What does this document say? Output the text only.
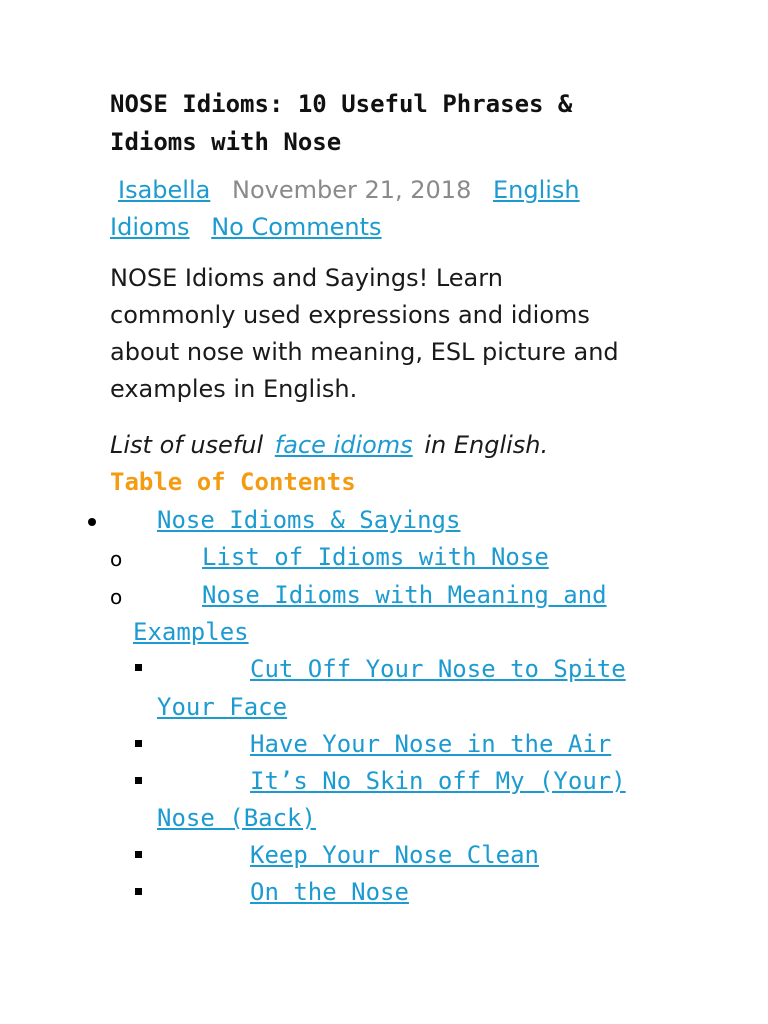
NOSE Idioms: 10 Useful Phrases &
Idioms with Nose
Isabella November 21, 2018 English
Idioms No Comments
NOSE Idioms and Sayings! Learn
commonly used expressions and idioms
about nose with meaning, ESL picture and
examples in English.
List of useful face idioms in English.
Table of Contents
Nose Idioms & Sayings
o	List of Idioms with Nose
o	Nose Idioms with Meaning and
Examples
Cut Off Your Nose to Spite
Your Face
Have Your Nose in the Air
It’s No Skin off My (Your)
Nose (Back)
Keep Your Nose Clean
On the Nose
